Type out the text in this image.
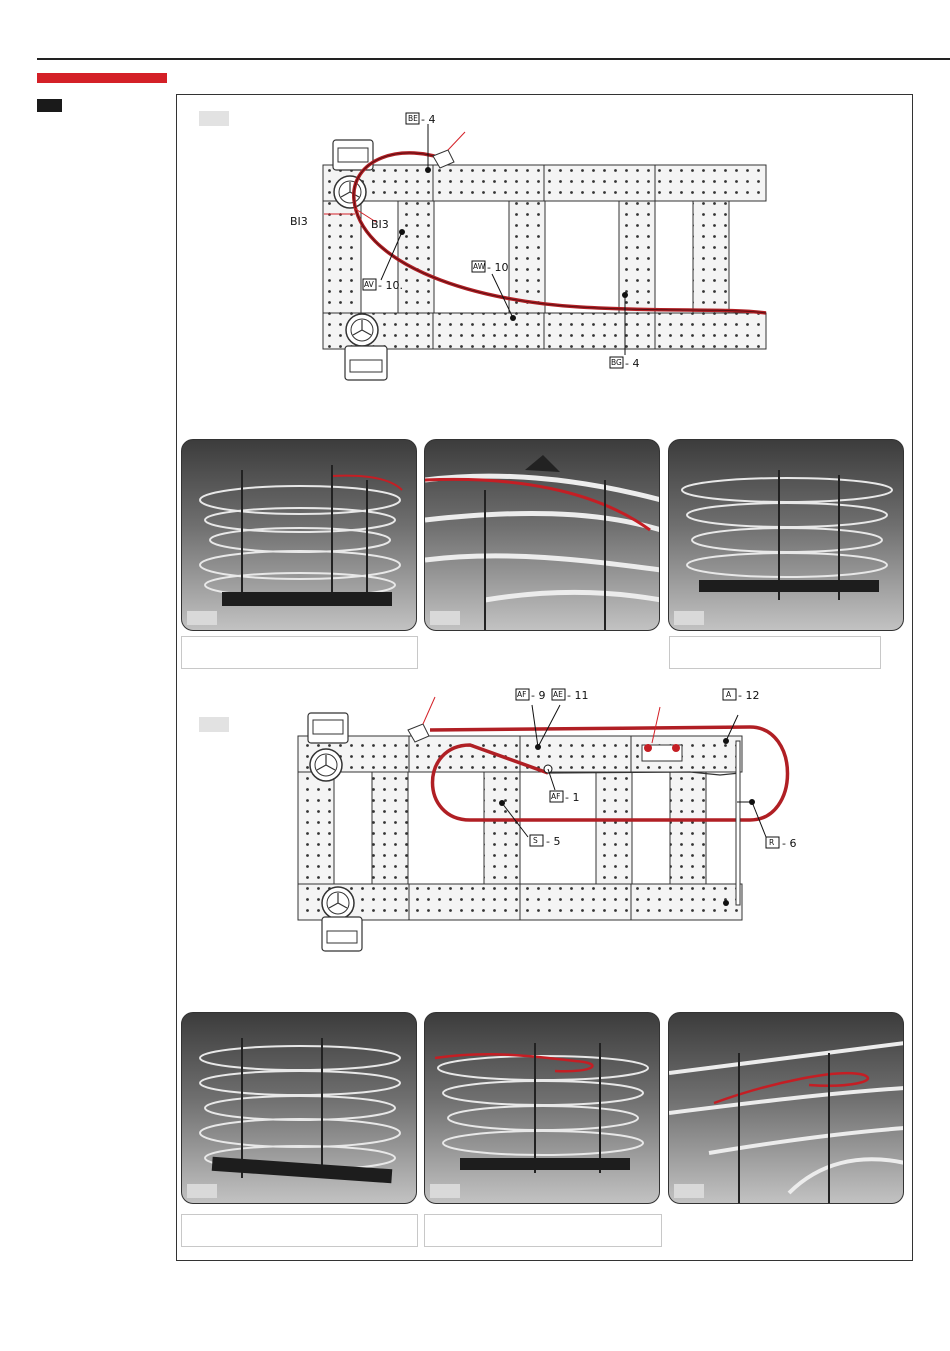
BE - 4
BI3	BI3
AW - 10
AV - 10.
BG - 4
AF - 9 AE - 11	A - 12
AF - 1
S - 5	R - 6
